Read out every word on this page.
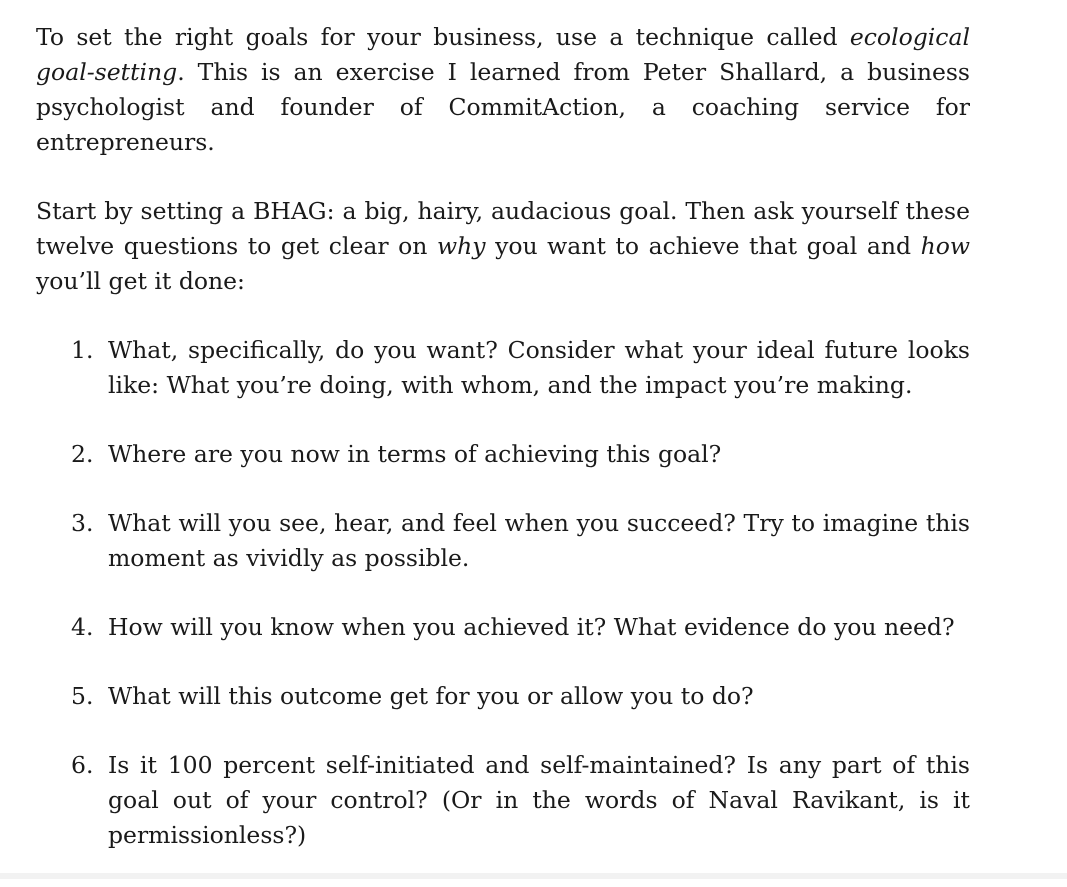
To set the right goals for your business, use a technique called ecological goal-setting. This is an exercise I learned from Peter Shallard, a business psychologist and founder of CommitAction, a coaching service for entrepreneurs.

Start by setting a BHAG: a big, hairy, audacious goal. Then ask yourself these twelve questions to get clear on why you want to achieve that goal and how you’ll get it done:

1. What, specifically, do you want? Consider what your ideal future looks like: What you’re doing, with whom, and the impact you’re making.
2. Where are you now in terms of achieving this goal?
3. What will you see, hear, and feel when you succeed? Try to imagine this moment as vividly as possible.
4. How will you know when you achieved it? What evidence do you need?
5. What will this outcome get for you or allow you to do?
6. Is it 100 percent self-initiated and self-maintained? Is any part of this goal out of your control? (Or in the words of Naval Ravikant, is it permissionless?)
